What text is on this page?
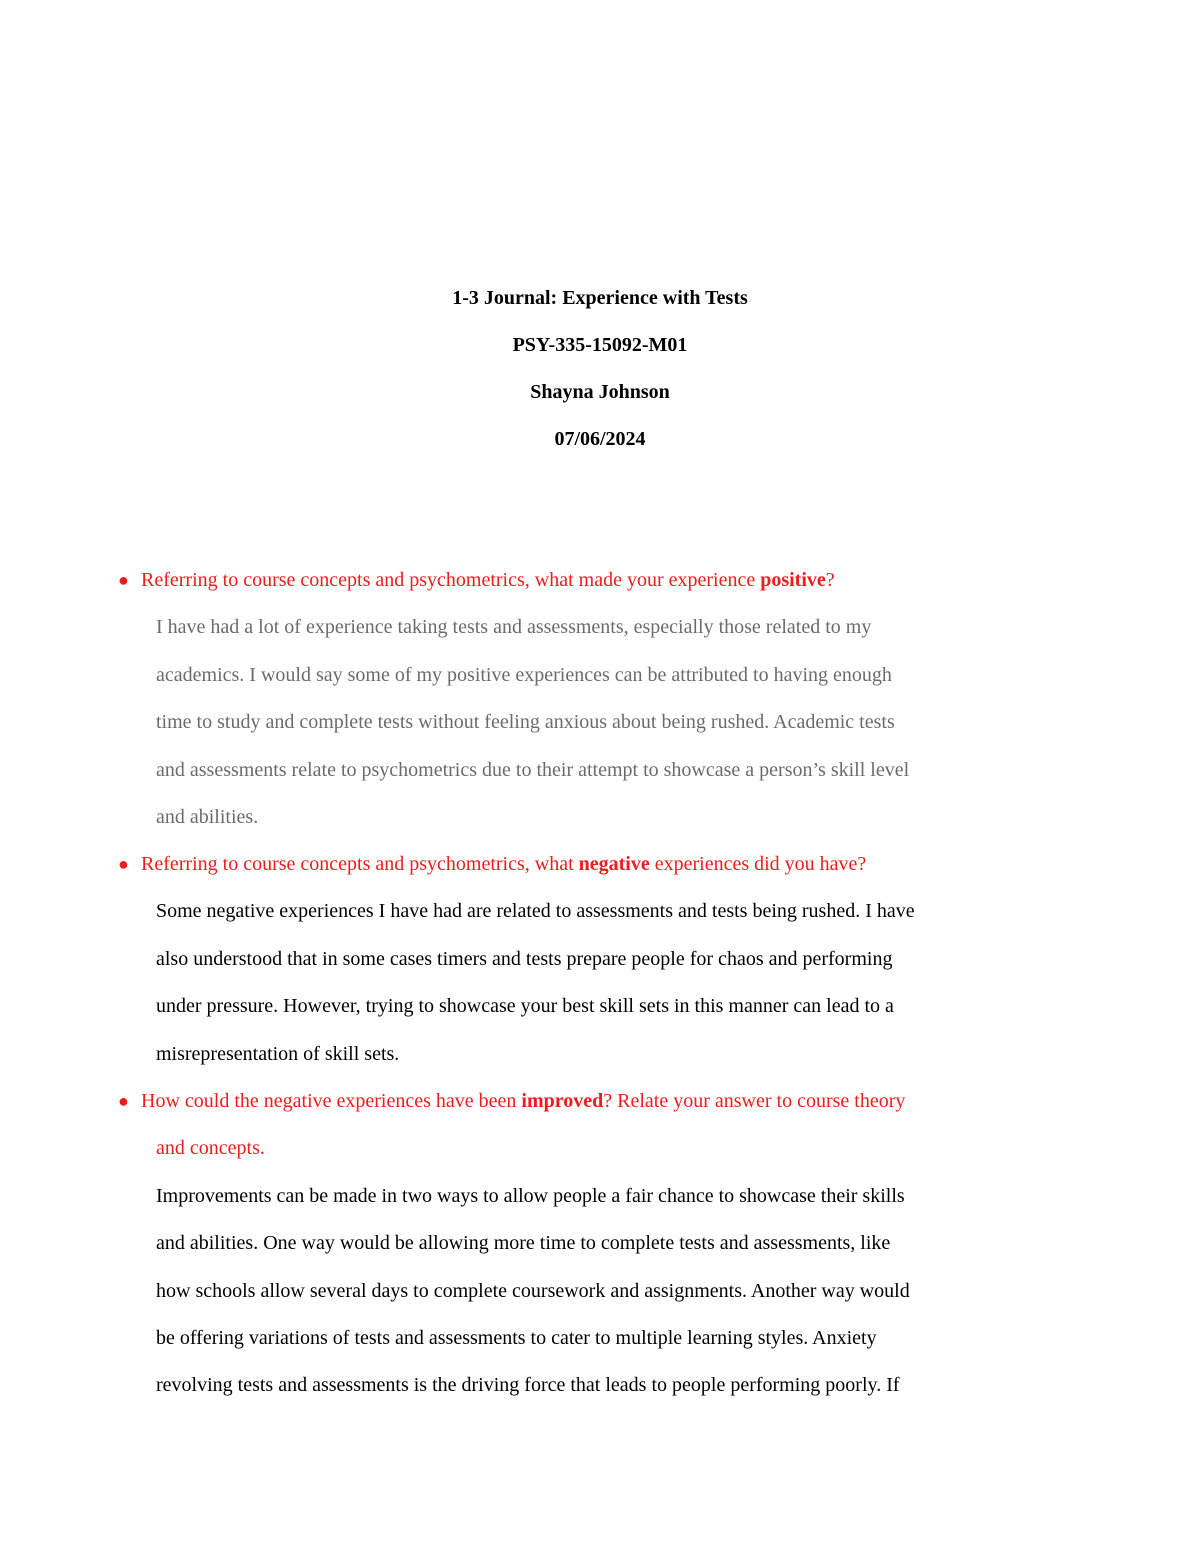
1-3 Journal: Experience with Tests
PSY-335-15092-M01
Shayna Johnson
07/06/2024
● Referring to course concepts and psychometrics, what made your experience positive?
I have had a lot of experience taking tests and assessments, especially those related to my
academics. I would say some of my positive experiences can be attributed to having enough
time to study and complete tests without feeling anxious about being rushed. Academic tests
and assessments relate to psychometrics due to their attempt to showcase a person’s skill level
and abilities.
● Referring to course concepts and psychometrics, what negative experiences did you have?
Some negative experiences I have had are related to assessments and tests being rushed. I have
also understood that in some cases timers and tests prepare people for chaos and performing
under pressure. However, trying to showcase your best skill sets in this manner can lead to a
misrepresentation of skill sets.
● How could the negative experiences have been improved? Relate your answer to course theory
and concepts.
Improvements can be made in two ways to allow people a fair chance to showcase their skills
and abilities. One way would be allowing more time to complete tests and assessments, like
how schools allow several days to complete coursework and assignments. Another way would
be offering variations of tests and assessments to cater to multiple learning styles. Anxiety
revolving tests and assessments is the driving force that leads to people performing poorly. If
